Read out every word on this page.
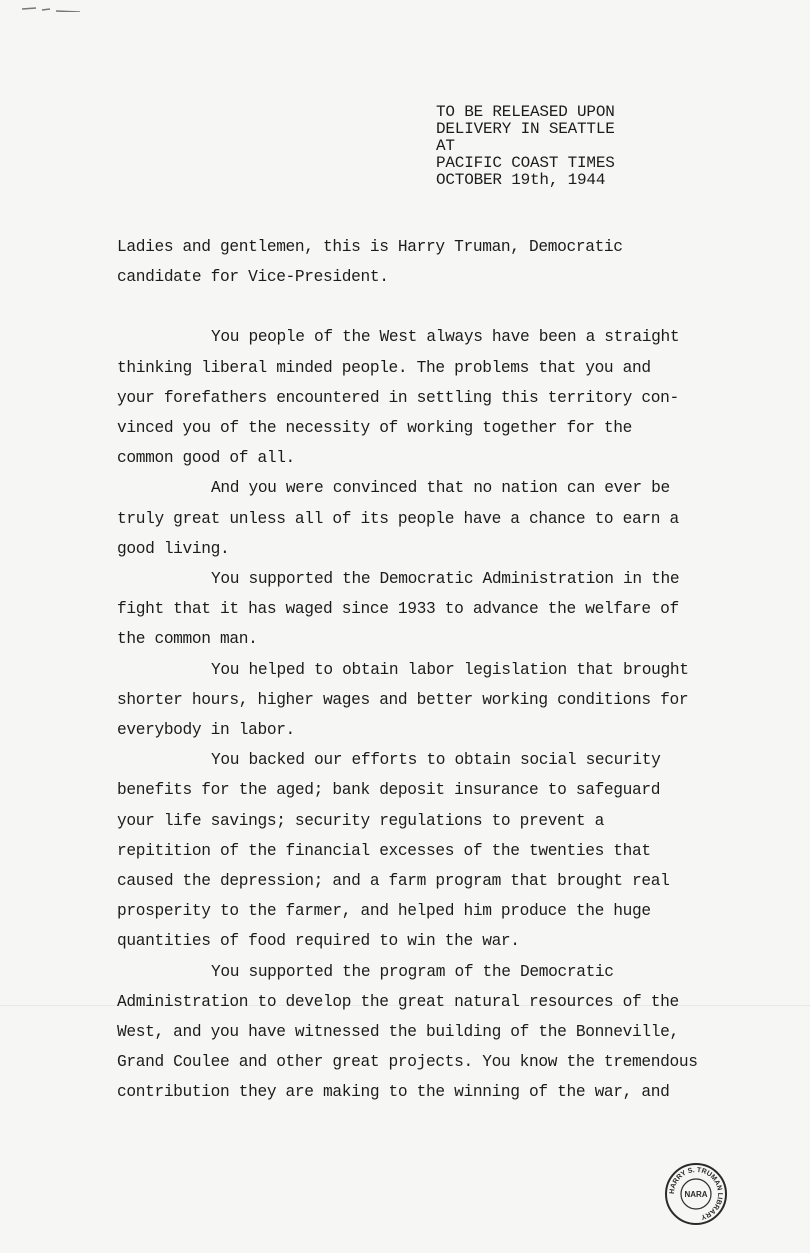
TO BE RELEASED UPON
DELIVERY IN SEATTLE
AT
PACIFIC COAST TIMES
OCTOBER 19th, 1944

Ladies and gentlemen, this is Harry Truman, Democratic
candidate for Vice-President.

You people of the West always have been a straight
thinking liberal minded people. The problems that you and
your forefathers encountered in settling this territory con-
vinced you of the necessity of working together for the
common good of all.

And you were convinced that no nation can ever be
truly great unless all of its people have a chance to earn a
good living.

You supported the Democratic Administration in the
fight that it has waged since 1933 to advance the welfare of
the common man.

You helped to obtain labor legislation that brought
shorter hours, higher wages and better working conditions for
everybody in labor.

You backed our efforts to obtain social security
benefits for the aged; bank deposit insurance to safeguard
your life savings; security regulations to prevent a
repitition of the financial excesses of the twenties that
caused the depression; and a farm program that brought real
prosperity to the farmer, and helped him produce the huge
quantities of food required to win the war.

You supported the program of the Democratic
Administration to develop the great natural resources of the
West, and you have witnessed the building of the Bonneville,
Grand Coulee and other great projects. You know the tremendous
contribution they are making to the winning of the war, and

HARRY S. TRUMAN LIBRARY
NARA
